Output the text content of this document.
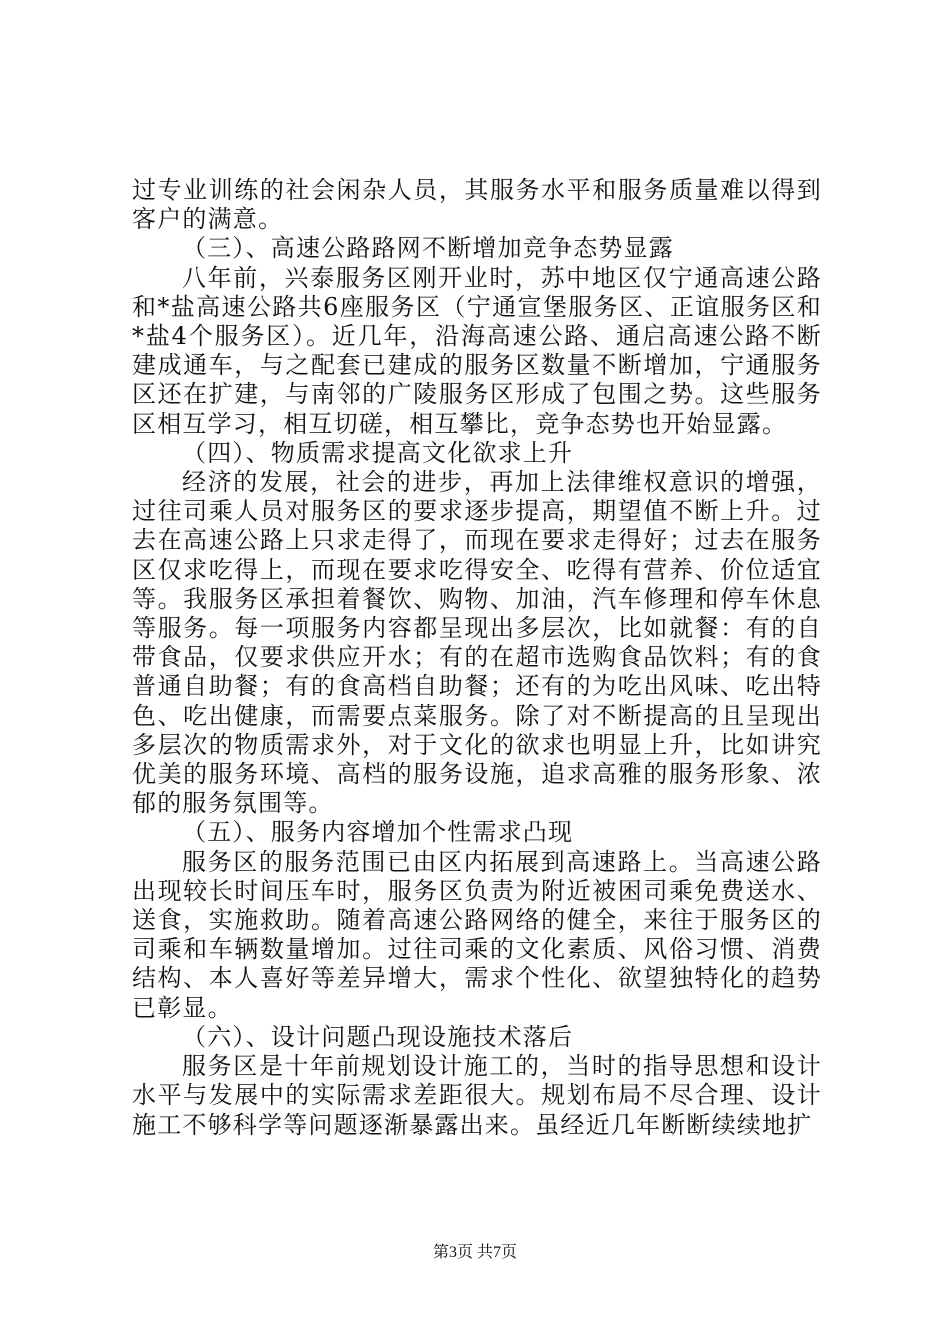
过专业训练的社会闲杂人员，其服务水平和服务质量难以得到客户的满意。

（三）、高速公路路网不断增加竞争态势显露

八年前，兴泰服务区刚开业时，苏中地区仅宁通高速公路和*盐高速公路共6座服务区（宁通宣堡服务区、正谊服务区和*盐4个服务区）。近几年，沿海高速公路、通启高速公路不断建成通车，与之配套已建成的服务区数量不断增加，宁通服务区还在扩建，与南邻的广陵服务区形成了包围之势。这些服务区相互学习，相互切磋，相互攀比，竞争态势也开始显露。

（四）、物质需求提高文化欲求上升

经济的发展，社会的进步，再加上法律维权意识的增强，过往司乘人员对服务区的要求逐步提高，期望值不断上升。过去在高速公路上只求走得了，而现在要求走得好；过去在服务区仅求吃得上，而现在要求吃得安全、吃得有营养、价位适宜等。我服务区承担着餐饮、购物、加油，汽车修理和停车休息等服务。每一项服务内容都呈现出多层次，比如就餐：有的自带食品，仅要求供应开水；有的在超市选购食品饮料；有的食普通自助餐；有的食高档自助餐；还有的为吃出风味、吃出特色、吃出健康，而需要点菜服务。除了对不断提高的且呈现出多层次的物质需求外，对于文化的欲求也明显上升，比如讲究优美的服务环境、高档的服务设施，追求高雅的服务形象、浓郁的服务氛围等。

（五）、服务内容增加个性需求凸现

服务区的服务范围已由区内拓展到高速路上。当高速公路出现较长时间压车时，服务区负责为附近被困司乘免费送水、送食，实施救助。随着高速公路网络的健全，来往于服务区的司乘和车辆数量增加。过往司乘的文化素质、风俗习惯、消费结构、本人喜好等差异增大，需求个性化、欲望独特化的趋势已彰显。

（六）、设计问题凸现设施技术落后

服务区是十年前规划设计施工的，当时的指导思想和设计水平与发展中的实际需求差距很大。规划布局不尽合理、设计施工不够科学等问题逐渐暴露出来。虽经近几年断断续续地扩

第3页 共7页
